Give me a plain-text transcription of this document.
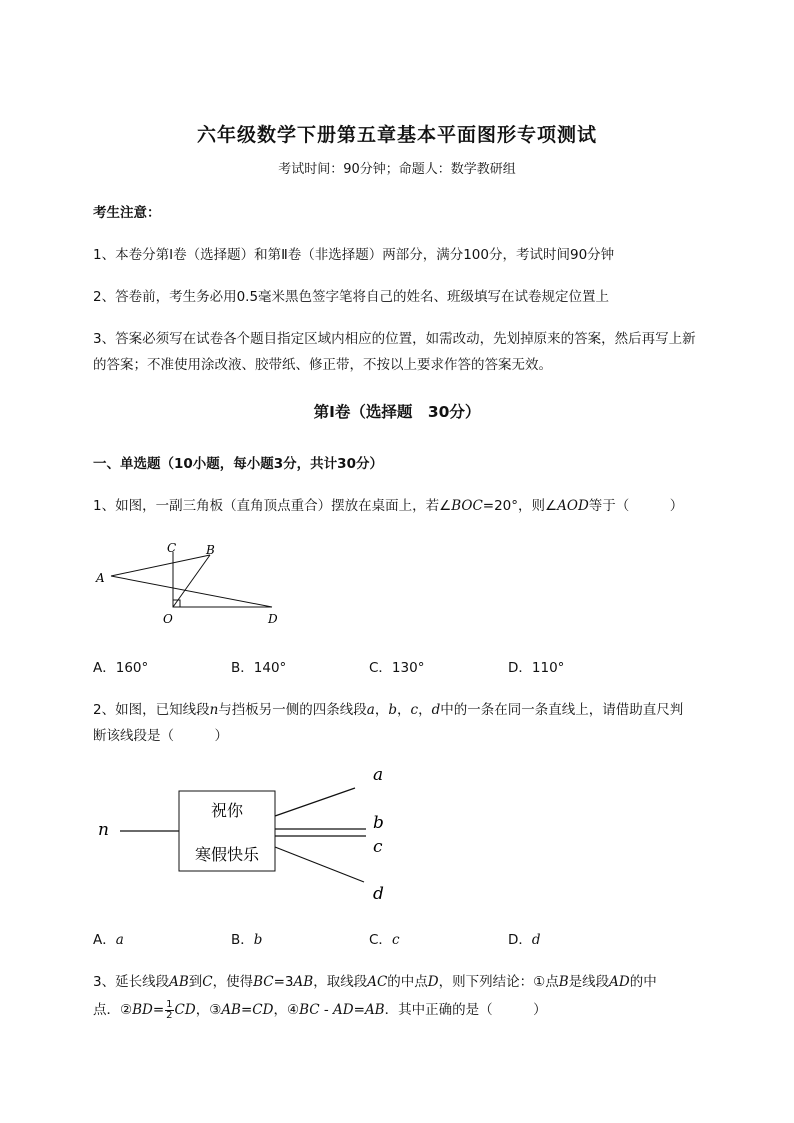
六年级数学下册第五章基本平面图形专项测试
考试时间：90分钟；命题人：数学教研组
考生注意：
1、本卷分第I卷（选择题）和第Ⅱ卷（非选择题）两部分，满分100分，考试时间90分钟
2、答卷前，考生务必用0.5毫米黑色签字笔将自己的姓名、班级填写在试卷规定位置上
3、答案必须写在试卷各个题目指定区域内相应的位置，如需改动，先划掉原来的答案，然后再写上新
的答案；不准使用涂改液、胶带纸、修正带，不按以上要求作答的答案无效。
第I卷（选择题　30分）
一、单选题（10小题，每小题3分，共计30分）
1、如图，一副三角板（直角顶点重合）摆放在桌面上，若∠BOC=20°，则∠AOD等于（　　　）
A
B
C
O	D
A．160°	B．140°	C．130°	D．110°
2、如图，已知线段n与挡板另一侧的四条线段a，b，c，d中的一条在同一条直线上，请借助直尺判
断该线段是（　　　）
n
a
b
c
d
祝你
寒假快乐
A．a	B．b	C．c	D．d
3、延长线段AB到C，使得BC=3AB，取线段AC的中点D，则下列结论：①点B是线段AD的中
点．②BD= $\frac{1}{2}$ CD，③AB=CD，④BC - AD=AB．其中正确的是（　　　）
